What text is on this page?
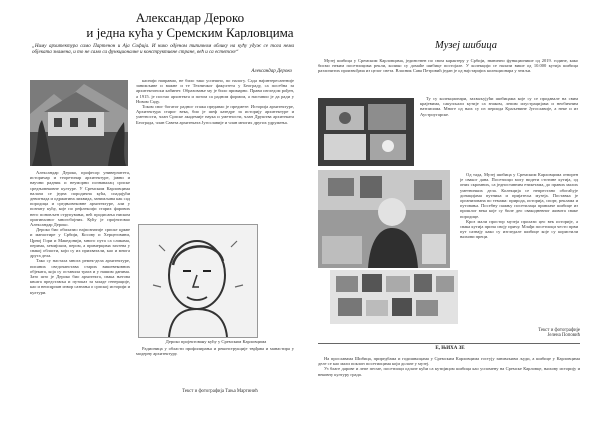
Александар Дероко
и једна кућа у Сремским Карловцима
„Ниму архитектура само Партенон и Аја Софија. И нико одјеном типичном облику на кућу удуж се тога нема објеката знамена, и то не само са функционалне и конструктивне стране, већ и са естетске“
Александар Дероко

Александар Дероко, професор универзитета, историчар и теоретичар архитектуре, јавни и научни радник и неуморни познавалац српске средњовековне културе. У Сремским Карловцима налази се једна породична кућа, спадајући девигнада и одржатина ликвида, занимљива как сад породица и средњовековне архитектуре, али у познату кућу, које по рефлексији старих фарових него поновљен струпувањи, већ продисања ниском оригиналног многобојних. Кућу је пројектовао Александар Дероко.

Дероко био обилазио најпознатије српске цркве и манастире у Србији, Косову и Херцеговини, Црној Гори и Македонији, много пута са сликама, перима, хемијском, пером, а примерцима захтева у свакој области, који су их прихватали, као и многа друга дела.

Тако су настала многа ремек-дела архитектуре, писаних сведочанстава старих вишевековних објеката, која су оставила трага и у нашим данима. Зато што је Дероко био архитекта, свака његова књига представља и путоказ за младе генерације, као и неисцрпан извор сазнања о српској историји и култури.

каснији направио, не било тако успешно, по налогу. Сада најинтересантније занимљиве и важне и те Техничког факултета у Београду, са посебна за архитектонски кабинет. Образовање му је било примарно. Прави изгледом рођен, а 1915. је постао архитекта и потом са радном формом, а наставио је да ради у Новом Саду.

Током свог богатог радног стажа предавао је предмете: Историја архитектуре, Архитектура старог века, био је шеф катедре за историју архитектуре и уметности, члан Српске академије наука и уметности, члан Друштва архитеката Београда, члан Савеза архитеката Југославије и члан многих других удружења.

Дероко пројектовану кућу у Сремским Карловцима

Радионица у области профилирања и реконструкције тврђава и манастира у модерну архитектуру.

Текст и фотографија Тања Мартинић
Музеј шибица

Музеј шибица у Сремским Карловцима, јединствен по свом карактеру у Србији, званично функционише од 2019. године, како бисмо неким посетиоцима рекли, колико су домаће шибице постојале. У колекцији се налази више од 10.000 кутија шибица различитих произвођача из целог света. Власник Сава Петровић један је од најстаријих колекционара у земљи.

Ту су колекционари, захваљујући шибицама које су се продавале на свим крајевима, сакупљали кутије са знаком, лепим илустрацијама и необичним натписима. Многе од њих су из периода Краљевине Југославије, а неке и из Аустроугарске.

Од тада, Музеј шибица у Сремским Карловцима отворен је сваког дана. Посетиоци могу видети стотине кутија, од оних скромних, са једноставним етикетама, до правих малих уметничких дела. Колекција се непрестано обогаћује донацијама путника и пријатеља музеја. Поставка је организована по темама: природа, историја, спорт, реклама и путовања. Посебну пажњу посетилаца привлаче шибице из прошлог века које су биле део свакодневног живота сваке породице.

Кроз мали простор музеја пролази цео век историје, а свака кутија прича своју причу. Млађи посетиоци често први пут сазнају како су изгледале шибице које су користили њихови преци.

Текст и фотографије
Јелена Поповић
Е, ЊИХА ЗЕ

На прославама Шибица, приредбама и годишњицама у Сремским Карловцима гостују занимљиви људи, а шибице у Карловцима деле се као мали поклон посетиоцима који долазе у музеј.

Уз благе дарове и лепе песме, посетиоци одлазе кући са кутијицом шибица као успомену на Сремске Карловце, њихову историју и вековну културу града.
